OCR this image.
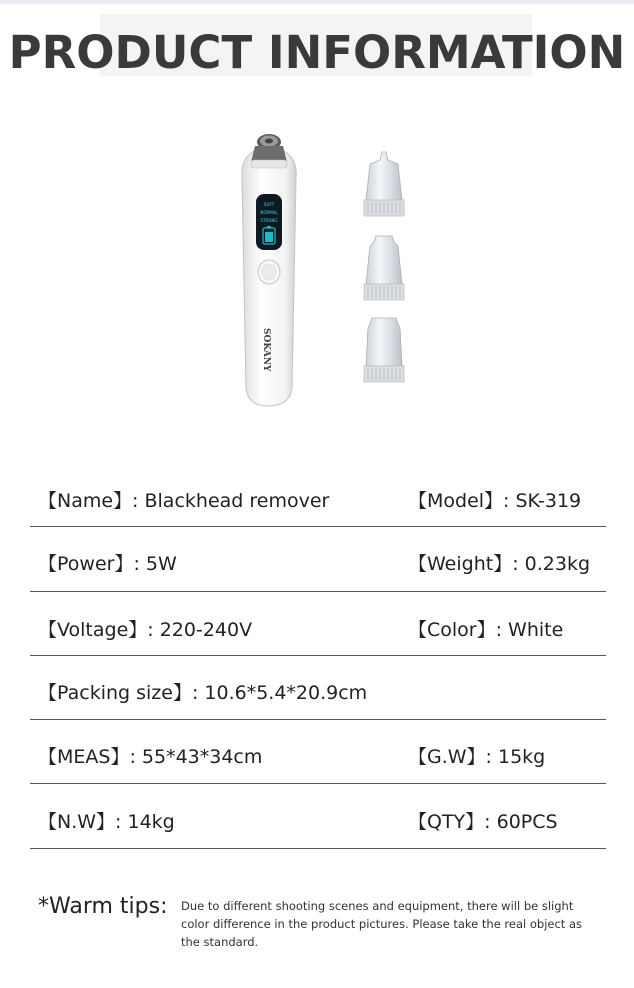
PRODUCT INFORMATION
SOFT
NORMAL
STRONG
SOKANY
【Name】: Blackhead remover	【Model】: SK-319
【Power】: 5W	【Weight】: 0.23kg
【Voltage】: 220-240V	【Color】: White
【Packing size】: 10.6*5.4*20.9cm
【MEAS】: 55*43*34cm	【G.W】: 15kg
【N.W】: 14kg	【QTY】: 60PCS
*Warm tips: Due to different shooting scenes and equipment, there will be slight color difference in the product pictures. Please take the real object as the standard.
